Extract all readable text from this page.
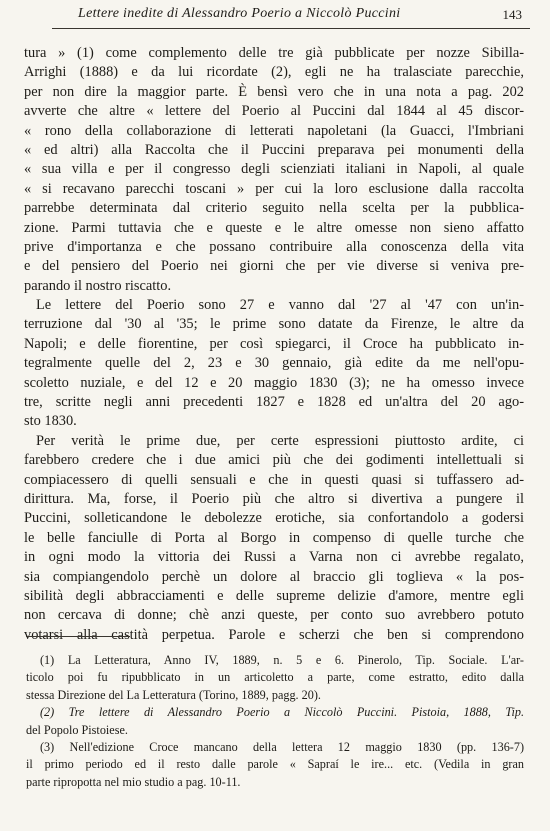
Lettere inedite di Alessandro Poerio a Niccolò Puccini	143
tura » (1) come complemento delle tre già pubblicate per nozze Sibilla-
Arrighi (1888) e da lui ricordate (2), egli ne ha tralasciate parecchie,
per non dire la maggior parte. È bensì vero che in una nota a pag. 202
avverte che altre « lettere del Poerio al Puccini dal 1844 al 45 discor-
« rono della collaborazione di letterati napoletani (la Guacci, l'Imbriani
« ed altri) alla Raccolta che il Puccini preparava pei monumenti della
« sua villa e per il congresso degli scienziati italiani in Napoli, al quale
« si recavano parecchi toscani » per cui la loro esclusione dalla raccolta
parrebbe determinata dal criterio seguito nella scelta per la pubblica-
zione. Parmi tuttavia che e queste e le altre omesse non sieno affatto
prive d'importanza e che possano contribuire alla conoscenza della vita
e del pensiero del Poerio nei giorni che per vie diverse si veniva pre-
parando il nostro riscatto.
Le lettere del Poerio sono 27 e vanno dal '27 al '47 con un'in-
terruzione dal '30 al '35; le prime sono datate da Firenze, le altre da
Napoli; e delle fiorentine, per così spiegarci, il Croce ha pubblicato in-
tegralmente quelle del 2, 23 e 30 gennaio, già edite da me nell'opu-
scoletto nuziale, e del 12 e 20 maggio 1830 (3); ne ha omesso invece
tre, scritte negli anni precedenti 1827 e 1828 ed un'altra del 20 ago-
sto 1830.
Per verità le prime due, per certe espressioni piuttosto ardite, ci
farebbero credere che i due amici più che dei godimenti intellettuali si
compiacessero di quelli sensuali e che in questi quasi si tuffassero ad-
dirittura. Ma, forse, il Poerio più che altro si divertiva a pungere il
Puccini, solleticandone le debolezze erotiche, sia confortandolo a godersi
le belle fanciulle di Porta al Borgo in compenso di quelle turche che
in ogni modo la vittoria dei Russi a Varna non ci avrebbe regalato,
sia compiangendolo perchè un dolore al braccio gli toglieva « la pos-
sibilità degli abbracciamenti e delle supreme delizie d'amore, mentre egli
non cercava di donne; chè anzi queste, per conto suo avrebbero potuto
votarsi alla castità perpetua. Parole e scherzi che ben si comprendono
(1) La Letteratura, Anno IV, 1889, n. 5 e 6. Pinerolo, Tip. Sociale. L'ar-
ticolo poi fu ripubblicato in un articoletto a parte, come estratto, edito dalla
stessa Direzione del La Letteratura (Torino, 1889, pagg. 20).
(2) Tre lettere di Alessandro Poerio a Niccolò Puccini. Pistoia, 1888, Tip.
del Popolo Pistoiese.
(3) Nell'edizione Croce mancano della lettera 12 maggio 1830 (pp. 136-7)
il primo periodo ed il resto dalle parole « Sapraí le ire... etc. (Vedila in gran
parte ripropotta nel mio studio a pag. 10-11.
